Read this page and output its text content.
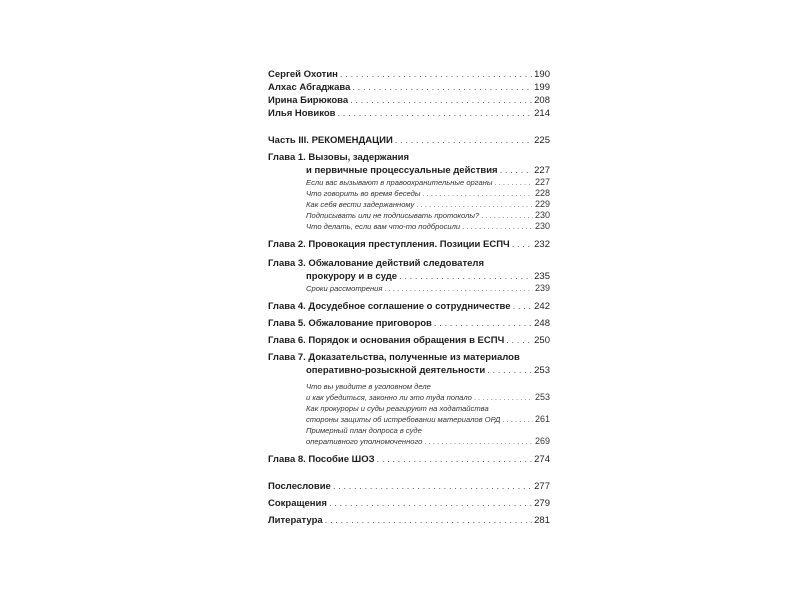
Сергей Охотин . . .	190
Алхас Абгаджава . . .	199
Ирина Бирюкова . . .	208
Илья Новиков . . .	214
Часть III. РЕКОМЕНДАЦИИ . . .	225
Глава 1. Вызовы, задержания
и первичные процессуальные действия . . .	227
Если вас вызывают в правоохранительные органы . . .	227
Что говорить во время беседы . . .	228
Как себя вести задержанному . . .	229
Подписывать или не подписывать протоколы? . . .	230
Что делать, если вам что-то подбросили . . .	230
Глава 2. Провокация преступления. Позиции ЕСПЧ . . .	232
Глава 3. Обжалование действий следователя
прокурору и в суде . . .	235
Сроки рассмотрения . . .	239
Глава 4. Досудебное соглашение о сотрудничестве . . . 242
Глава 5. Обжалование приговоров . . .	248
Глава 6. Порядок и основания обращения в ЕСПЧ . . .	250
Глава 7. Доказательства, полученные из материалов
оперативно-розыскной деятельности . . .	253
Что вы увидите в уголовном деле
и как убедиться, законно ли это туда попало . . .	253
Как прокуроры и суды реагируют на ходатайства
стороны защиты об истребовании материалов ОРД . . .	261
Примерный план допроса в суде
оперативного уполномоченного . . .	269
Глава 8. Пособие ШОЗ . . .	274
Послесловие . . .	277
Сокращения . . .	279
Литература . . .	281
